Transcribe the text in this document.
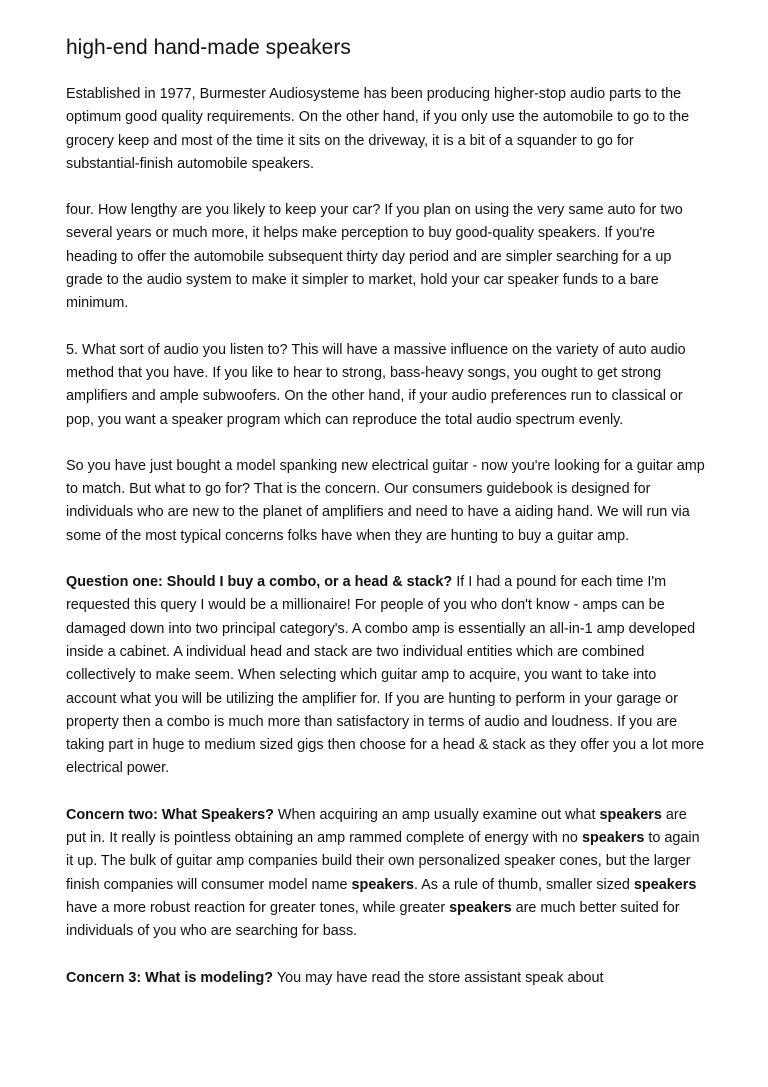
high-end hand-made speakers

Established in 1977, Burmester Audiosysteme has been producing higher-stop audio parts to the optimum good quality requirements. On the other hand, if you only use the automobile to go to the grocery keep and most of the time it sits on the driveway, it is a bit of a squander to go for substantial-finish automobile speakers.

four. How lengthy are you likely to keep your car? If you plan on using the very same auto for two several years or much more, it helps make perception to buy good-quality speakers. If you're heading to offer the automobile subsequent thirty day period and are simpler searching for a up grade to the audio system to make it simpler to market, hold your car speaker funds to a bare minimum.

5. What sort of audio you listen to? This will have a massive influence on the variety of auto audio method that you have. If you like to hear to strong, bass-heavy songs, you ought to get strong amplifiers and ample subwoofers. On the other hand, if your audio preferences run to classical or pop, you want a speaker program which can reproduce the total audio spectrum evenly.

So you have just bought a model spanking new electrical guitar - now you're looking for a guitar amp to match. But what to go for? That is the concern. Our consumers guidebook is designed for individuals who are new to the planet of amplifiers and need to have a aiding hand. We will run via some of the most typical concerns folks have when they are hunting to buy a guitar amp.

Question one: Should I buy a combo, or a head & stack? If I had a pound for each time I'm requested this query I would be a millionaire! For people of you who don't know - amps can be damaged down into two principal category's. A combo amp is essentially an all-in-1 amp developed inside a cabinet. A individual head and stack are two individual entities which are combined collectively to make seem. When selecting which guitar amp to acquire, you want to take into account what you will be utilizing the amplifier for. If you are hunting to perform in your garage or property then a combo is much more than satisfactory in terms of audio and loudness. If you are taking part in huge to medium sized gigs then choose for a head & stack as they offer you a lot more electrical power.

Concern two: What Speakers? When acquiring an amp usually examine out what speakers are put in. It really is pointless obtaining an amp rammed complete of energy with no speakers to again it up. The bulk of guitar amp companies build their own personalized speaker cones, but the larger finish companies will consumer model name speakers. As a rule of thumb, smaller sized speakers have a more robust reaction for greater tones, while greater speakers are much better suited for individuals of you who are searching for bass.

Concern 3: What is modeling? You may have read the store assistant speak about
